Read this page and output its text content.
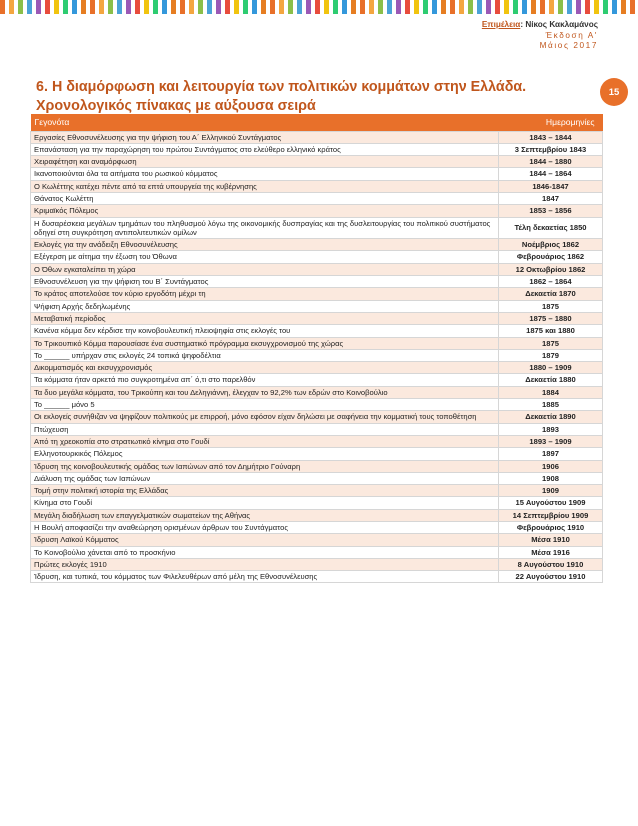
Επιμέλεια: Νίκος Κακλαμάνος
Έκδοση Α'
Μάιος 2017
6. Η διαμόρφωση και λειτουργία των πολιτικών κομμάτων στην Ελλάδα. Χρονολογικός πίνακας με αύξουσα σειρά
15
Γεγονότα	Ημερομηνίες
Εργασίες Εθνοσυνέλευσης για την ψήφιση του Α΄ Ελληνικού Συντάγματος	1843 – 1844
Επανάσταση για την παραχώρηση του πρώτου Συντάγματος στο ελεύθερο ελληνικό κράτος	3 Σεπτεμβρίου 1843
Χειραφέτηση και αναμόρφωση	1844 – 1880
Ικανοποιούνται όλα τα αιτήματα του ρωσικού κόμματος	1844 – 1864
Ο Κωλέττης κατέχει πέντε από τα επτά υπουργεία της κυβέρνησης	1846-1847
Θάνατος Κωλέττη	1847
Κριμαϊκός Πόλεμος	1853 – 1856
Η δυσαρέσκεια μεγάλων τμημάτων του πληθυσμού λόγω της οικονομικής δυσπραγίας και της δυσλειτουργίας του πολιτικού συστήματος οδηγεί στη συγκρότηση αντιπολιτευτικών ομίλων	Τέλη δεκαετίας 1850
Εκλογές για την ανάδειξη Εθνοσυνέλευσης	Νοέμβριος 1862
Εξέγερση με αίτημα την έξωση του Όθωνα	Φεβρουάριος 1862
Ο Όθων εγκαταλείπει τη χώρα	12 Οκτωβρίου 1862
Εθνοσυνέλευση για την ψήφιση του Β΄ Συντάγματος	1862 – 1864
Το κράτος αποτελούσε τον κύριο εργοδότη μέχρι τη	Δεκαετία 1870
Ψήφιση Αρχής δεδηλωμένης	1875
Μεταβατική περίοδος	1875 – 1880
Κανένα κόμμα δεν κέρδισε την κοινοβουλευτική πλειοψηφία στις εκλογές του	1875 και 1880
Το Τρικουπικό Κόμμα παρουσίασε ένα συστηματικό πρόγραμμα εκσυγχρονισμού της χώρας	1875
Το ______ υπήρχαν στις εκλογές 24 τοπικά ψηφοδέλτια	1879
Δικομματισμός και εκσυγχρονισμός	1880 – 1909
Τα κόμματα ήταν αρκετά πιο συγκροτημένα απ΄ ό,τι στο παρελθόν	Δεκαετία 1880
Τα δυο μεγάλα κόμματα, του Τρικούπη και του Δεληγιάννη, έλεγχαν το 92,2% των εδρών στο Κοινοβούλιο	1884
Το ______ μόνο 5	1885
Οι εκλογείς συνήθιζαν να ψηφίζουν πολιτικούς με επιρροή, μόνο εφόσον είχαν δηλώσει με σαφήνεια την κομματική τους τοποθέτηση	Δεκαετία 1890
Πτώχευση	1893
Από τη χρεοκοπία στο στρατιωτικό κίνημα στο Γουδί	1893 – 1909
Ελληνοτουρκικός Πόλεμος	1897
Ίδρυση της κοινοβουλευτικής ομάδας των Ιαπώνων από τον Δημήτριο Γούναρη	1906
Διάλυση της ομάδας των Ιαπώνων	1908
Τομή στην πολιτική ιστορία της Ελλάδας	1909
Κίνημα στο Γουδί	15 Αυγούστου 1909
Μεγάλη διαδήλωση των επαγγελματικών σωματείων της Αθήνας	14 Σεπτεμβρίου 1909
Η Βουλή αποφασίζει την αναθεώρηση ορισμένων άρθρων του Συντάγματος	Φεβρουάριος 1910
Ίδρυση Λαϊκού Κόμματος	Μέσα 1910
Το Κοινοβούλιο χάνεται από το προσκήνιο	Μέσα 1916
Πρώτες εκλογές 1910	8 Αυγούστου 1910
Ίδρυση, και τυπικά, του κόμματος των Φιλελευθέρων από μέλη της Εθνοσυνέλευσης	22 Αυγούστου 1910
